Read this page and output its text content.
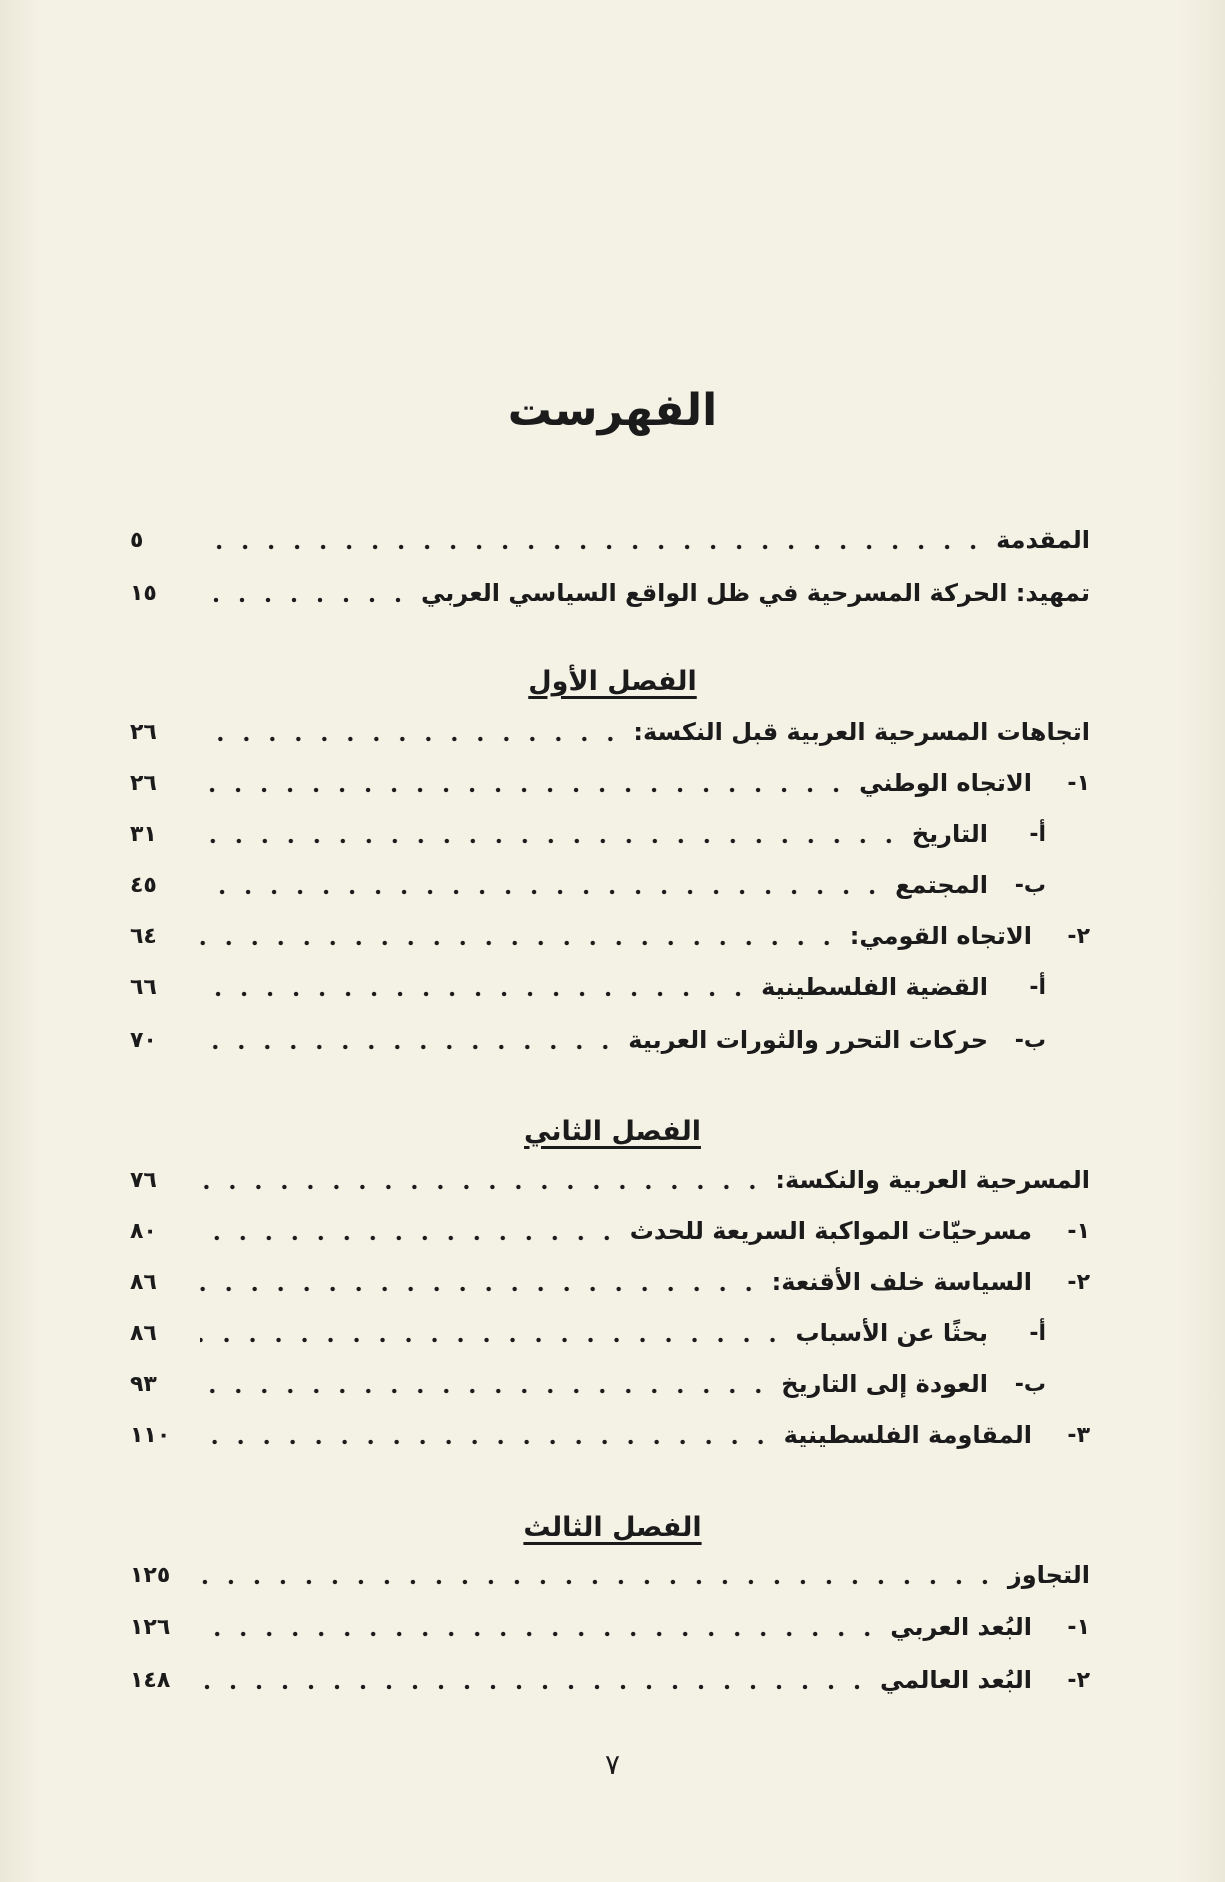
الفهرست
المقدمة
٥
تمهيد: الحركة المسرحية في ظل الواقع السياسي العربي
١٥
الفصل الأول
اتجاهات المسرحية العربية قبل النكسة:
٢٦
١-
الاتجاه الوطني
٢٦
أ-
التاريخ
٣١
ب-
المجتمع
٤٥
٢-
الاتجاه القومي:
٦٤
أ-
القضية الفلسطينية
٦٦
ب-
حركات التحرر والثورات العربية
٧٠
الفصل الثاني
المسرحية العربية والنكسة:
٧٦
١-
مسرحيّات المواكبة السريعة للحدث
٨٠
٢-
السياسة خلف الأقنعة:
٨٦
أ-
بحثًا عن الأسباب
٨٦
ب-
العودة إلى التاريخ
٩٣
٣-
المقاومة الفلسطينية
١١٠
الفصل الثالث
التجاوز
١٢٥
١-
البُعد العربي
١٢٦
٢-
البُعد العالمي
١٤٨
٧
